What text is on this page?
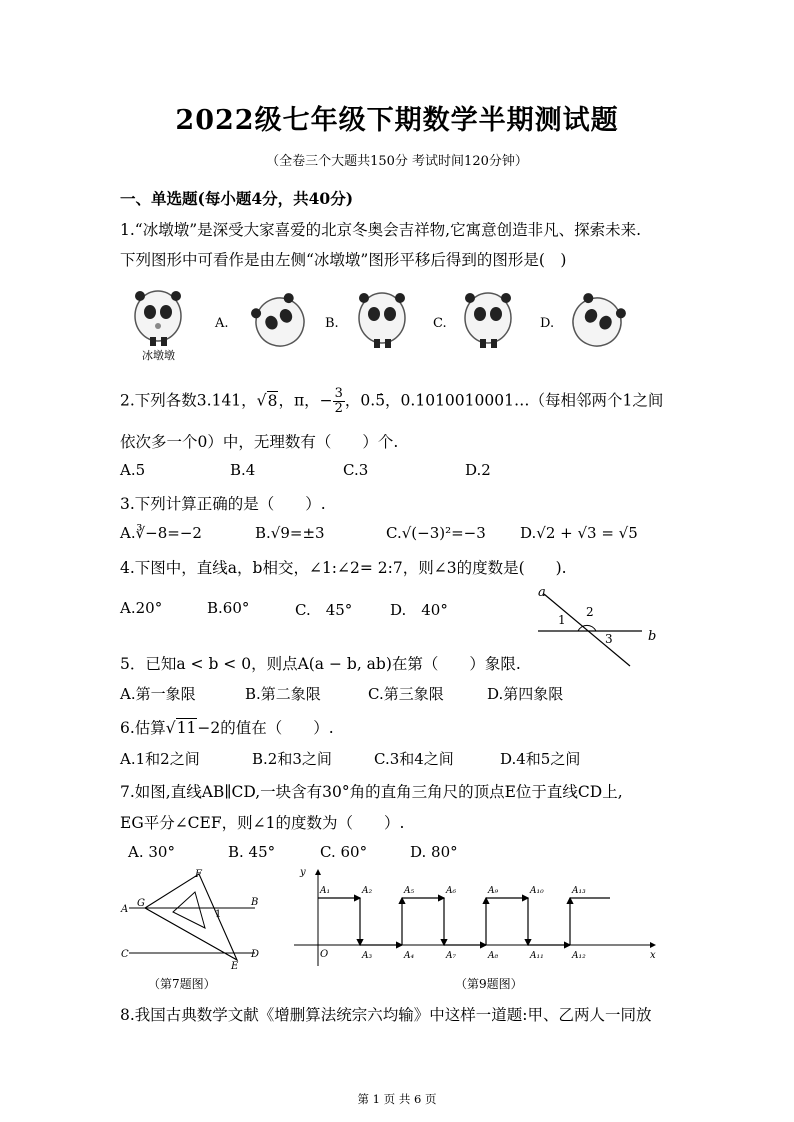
2022级七年级下期数学半期测试题
（全卷三个大题共150分 考试时间120分钟）
一、单选题(每小题4分，共40分)
1.“冰墩墩”是深受大家喜爱的北京冬奥会吉祥物,它寓意创造非凡、探索未来.
下列图形中可看作是由左侧“冰墩墩”图形平移后得到的图形是(　)
冰墩墩
A.	B.	C.	D.
2.下列各数3.141，√8，π，− $\frac{3}{2}$ ，0.5̇，0.1010010001…（每相邻两个1之间
依次多一个0）中，无理数有（　　）个.
A.5	B.4	C.3	D.2
3.下列计算正确的是（　　）.
A.∛−8=−2	B.√9=±3	C.√(−3)²=−3 D.√2 + √3 = √5
4.下图中，直线a，b相交，∠1:∠2= 2:7，则∠3的度数是(　　).
A.20°	B.60°	C.　45°	D.　40°
a
b
1
2
3
5．已知a < b < 0，则点A(a − b, ab)在第（　　）象限.
A.第一象限	B.第二象限	C.第三象限	D.第四象限
6.估算√11−2的值在（　　）.
A.1和2之间	B.2和3之间	C.3和4之间	D.4和5之间
7.如图,直线AB∥CD,一块含有30°角的直角三角尺的顶点E位于直线CD上,
EG平分∠CEF，则∠1的度数为（　　）.
A. 30°	B. 45°	C. 60°	D. 80°
F
G
A
B
1
C	D
E
（第7题图）
y
x
O
A₁	A₂	A₅	A₆	A₉	A₁₀	A₁₃
A₃	A₄	A₇	A₈	A₁₁	A₁₂
（第9题图）
8.我国古典数学文献《增删算法统宗六均输》中这样一道题:甲、乙两人一同放
第 1 页 共 6 页
